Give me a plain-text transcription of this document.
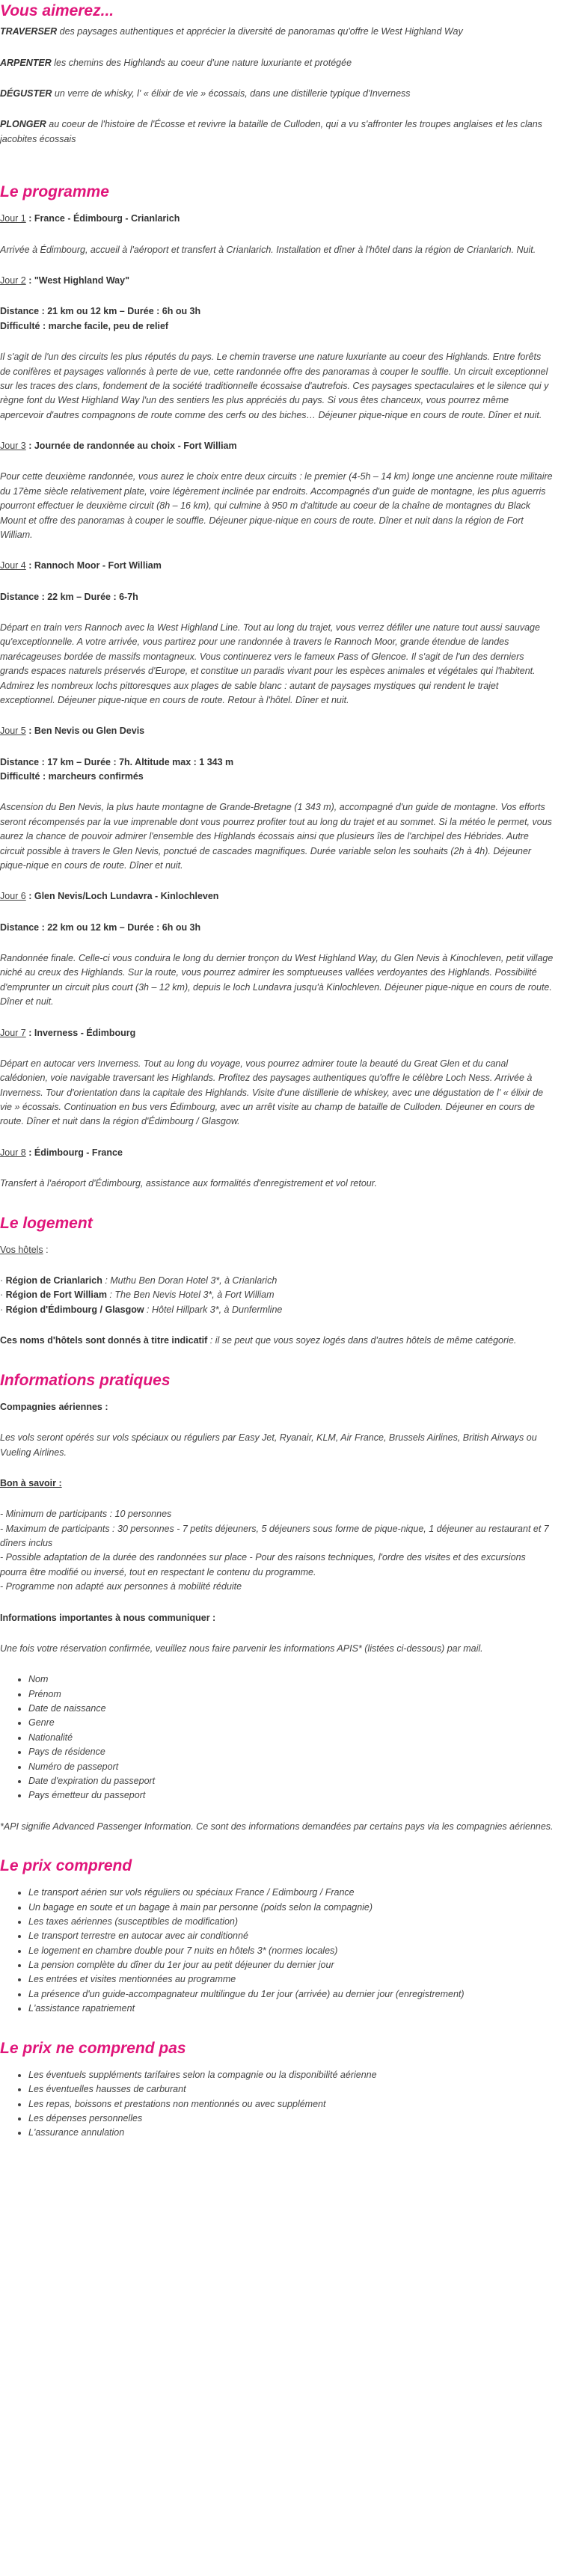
Vous aimerez...

TRAVERSER des paysages authentiques et apprécier la diversité de panoramas qu'offre le West Highland Way

ARPENTER les chemins des Highlands au coeur d'une nature luxuriante et protégée

DÉGUSTER un verre de whisky, l' « élixir de vie » écossais, dans une distillerie typique d'Inverness

PLONGER au coeur de l'histoire de l'Écosse et revivre la bataille de Culloden, qui a vu s'affronter les troupes anglaises et les clans jacobites écossais

Le programme

Jour 1 : France - Édimbourg - Crianlarich

Arrivée à Édimbourg, accueil à l'aéroport et transfert à Crianlarich. Installation et dîner à l'hôtel dans la région de Crianlarich. Nuit.

Jour 2 : "West Highland Way"

Distance : 21 km ou 12 km – Durée : 6h ou 3h

Difficulté : marche facile, peu de relief

Il s'agit de l'un des circuits les plus réputés du pays. Le chemin traverse une nature luxuriante au coeur des Highlands. Entre forêts de conifères et paysages vallonnés à perte de vue, cette randonnée offre des panoramas à couper le souffle. Un circuit exceptionnel sur les traces des clans, fondement de la société traditionnelle écossaise d'autrefois. Ces paysages spectaculaires et le silence qui y règne font du West Highland Way l'un des sentiers les plus appréciés du pays. Si vous êtes chanceux, vous pourrez même apercevoir d'autres compagnons de route comme des cerfs ou des biches… Déjeuner pique-nique en cours de route. Dîner et nuit.

Jour 3 : Journée de randonnée au choix - Fort William

Pour cette deuxième randonnée, vous aurez le choix entre deux circuits : le premier (4-5h – 14 km) longe une ancienne route militaire du 17ème siècle relativement plate, voire légèrement inclinée par endroits. Accompagnés d'un guide de montagne, les plus aguerris pourront effectuer le deuxième circuit (8h – 16 km), qui culmine à 950 m d'altitude au coeur de la chaîne de montagnes du Black Mount et offre des panoramas à couper le souffle. Déjeuner pique-nique en cours de route. Dîner et nuit dans la région de Fort William.

Jour 4 : Rannoch Moor - Fort William

Distance : 22 km – Durée : 6-7h

Départ en train vers Rannoch avec la West Highland Line. Tout au long du trajet, vous verrez défiler une nature tout aussi sauvage qu'exceptionnelle. A votre arrivée, vous partirez pour une randonnée à travers le Rannoch Moor, grande étendue de landes marécageuses bordée de massifs montagneux. Vous continuerez vers le fameux Pass of Glencoe. Il s'agit de l'un des derniers grands espaces naturels préservés d'Europe, et constitue un paradis vivant pour les espèces animales et végétales qui l'habitent. Admirez les nombreux lochs pittoresques aux plages de sable blanc : autant de paysages mystiques qui rendent le trajet exceptionnel. Déjeuner pique-nique en cours de route. Retour à l'hôtel. Dîner et nuit.

Jour 5 : Ben Nevis ou Glen Devis

Distance : 17 km – Durée : 7h. Altitude max : 1 343 m

Difficulté : marcheurs confirmés

Ascension du Ben Nevis, la plus haute montagne de Grande-Bretagne (1 343 m), accompagné d'un guide de montagne. Vos efforts seront récompensés par la vue imprenable dont vous pourrez profiter tout au long du trajet et au sommet. Si la météo le permet, vous aurez la chance de pouvoir admirer l'ensemble des Highlands écossais ainsi que plusieurs îles de l'archipel des Hébrides. Autre circuit possible à travers le Glen Nevis, ponctué de cascades magnifiques. Durée variable selon les souhaits (2h à 4h). Déjeuner pique-nique en cours de route. Dîner et nuit.

Jour 6 : Glen Nevis/Loch Lundavra - Kinlochleven

Distance : 22 km ou 12 km – Durée : 6h ou 3h

Randonnée finale. Celle-ci vous conduira le long du dernier tronçon du West Highland Way, du Glen Nevis à Kinochleven, petit village niché au creux des Highlands. Sur la route, vous pourrez admirer les somptueuses vallées verdoyantes des Highlands. Possibilité d'emprunter un circuit plus court (3h – 12 km), depuis le loch Lundavra jusqu'à Kinlochleven. Déjeuner pique-nique en cours de route. Dîner et nuit.

Jour 7 : Inverness - Édimbourg

Départ en autocar vers Inverness. Tout au long du voyage, vous pourrez admirer toute la beauté du Great Glen et du canal calédonien, voie navigable traversant les Highlands. Profitez des paysages authentiques qu'offre le célèbre Loch Ness. Arrivée à Inverness. Tour d'orientation dans la capitale des Highlands. Visite d'une distillerie de whiskey, avec une dégustation de l' « élixir de vie » écossais. Continuation en bus vers Édimbourg, avec un arrêt visite au champ de bataille de Culloden. Déjeuner en cours de route. Dîner et nuit dans la région d'Édimbourg / Glasgow.

Jour 8 : Édimbourg - France

Transfert à l'aéroport d'Édimbourg, assistance aux formalités d'enregistrement et vol retour.

Le logement

Vos hôtels :

· Région de Crianlarich : Muthu Ben Doran Hotel 3*, à Crianlarich

· Région de Fort William : The Ben Nevis Hotel 3*, à Fort William

· Région d'Édimbourg / Glasgow : Hôtel Hillpark 3*, à Dunfermline

Ces noms d'hôtels sont donnés à titre indicatif : il se peut que vous soyez logés dans d'autres hôtels de même catégorie.

Informations pratiques

Compagnies aériennes :

Les vols seront opérés sur vols spéciaux ou réguliers par Easy Jet, Ryanair, KLM, Air France, Brussels Airlines, British Airways ou Vueling Airlines.

Bon à savoir :

- Minimum de participants : 10 personnes

- Maximum de participants : 30 personnes - 7 petits déjeuners, 5 déjeuners sous forme de pique-nique, 1 déjeuner au restaurant et 7 dîners inclus

- Possible adaptation de la durée des randonnées sur place - Pour des raisons techniques, l'ordre des visites et des excursions pourra être modifié ou inversé, tout en respectant le contenu du programme.

- Programme non adapté aux personnes à mobilité réduite

Informations importantes à nous communiquer :

Une fois votre réservation confirmée, veuillez nous faire parvenir les informations APIS* (listées ci-dessous) par mail.

• Nom
• Prénom
• Date de naissance
• Genre
• Nationalité
• Pays de résidence
• Numéro de passeport
• Date d'expiration du passeport
• Pays émetteur du passeport

*API signifie Advanced Passenger Information. Ce sont des informations demandées par certains pays via les compagnies aériennes.

Le prix comprend
• Le transport aérien sur vols réguliers ou spéciaux France / Edimbourg / France
• Un bagage en soute et un bagage à main par personne (poids selon la compagnie)
• Les taxes aériennes (susceptibles de modification)
• Le transport terrestre en autocar avec air conditionné
• Le logement en chambre double pour 7 nuits en hôtels 3* (normes locales)
• La pension complète du dîner du 1er jour au petit déjeuner du dernier jour
• Les entrées et visites mentionnées au programme
• La présence d'un guide-accompagnateur multilingue du 1er jour (arrivée) au dernier jour (enregistrement)
• L'assistance rapatriement
Le prix ne comprend pas
• Les éventuels suppléments tarifaires selon la compagnie ou la disponibilité aérienne
• Les éventuelles hausses de carburant
• Les repas, boissons et prestations non mentionnés ou avec supplément
• Les dépenses personnelles
• L'assurance annulation
